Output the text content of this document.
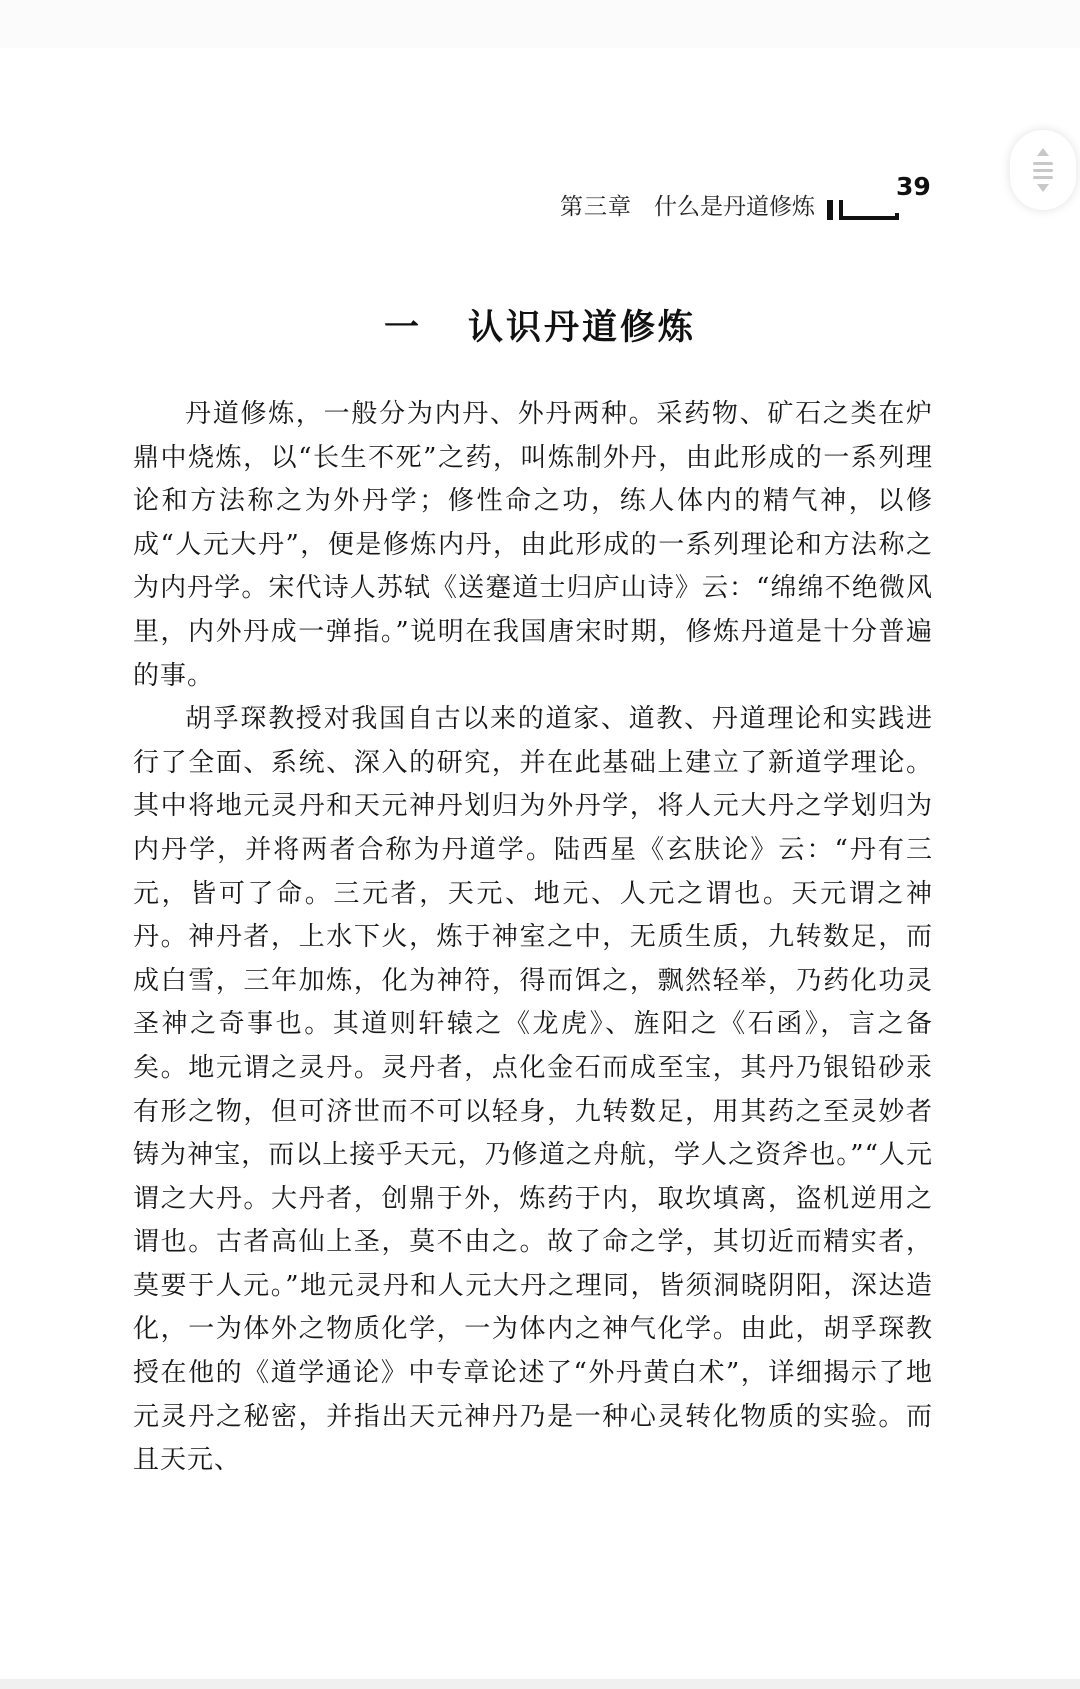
第三章 什么是丹道修炼
39
一 认识丹道修炼

丹道修炼，一般分为内丹、外丹两种。采药物、矿石之类在炉鼎中烧炼，以“长生不死”之药，叫炼制外丹，由此形成的一系列理论和方法称之为外丹学；修性命之功，练人体内的精气神，以修成“人元大丹”，便是修炼内丹，由此形成的一系列理论和方法称之为内丹学。宋代诗人苏轼《送蹇道士归庐山诗》云：“绵绵不绝微风里，内外丹成一弹指。”说明在我国唐宋时期，修炼丹道是十分普遍的事。

胡孚琛教授对我国自古以来的道家、道教、丹道理论和实践进行了全面、系统、深入的研究，并在此基础上建立了新道学理论。其中将地元灵丹和天元神丹划归为外丹学，将人元大丹之学划归为内丹学，并将两者合称为丹道学。陆西星《玄肤论》云：“丹有三元，皆可了命。三元者，天元、地元、人元之谓也。天元谓之神丹。神丹者，上水下火，炼于神室之中，无质生质，九转数足，而成白雪，三年加炼，化为神符，得而饵之，飘然轻举，乃药化功灵圣神之奇事也。其道则轩辕之《龙虎》、旌阳之《石函》，言之备矣。地元谓之灵丹。灵丹者，点化金石而成至宝，其丹乃银铅砂汞有形之物，但可济世而不可以轻身，九转数足，用其药之至灵妙者铸为神宝，而以上接乎天元，乃修道之舟航，学人之资斧也。”“人元谓之大丹。大丹者，创鼎于外，炼药于内，取坎填离，盗机逆用之谓也。古者高仙上圣，莫不由之。故了命之学，其切近而精实者，莫要于人元。”地元灵丹和人元大丹之理同，皆须洞晓阴阳，深达造化，一为体外之物质化学，一为体内之神气化学。由此，胡孚琛教授在他的《道学通论》中专章论述了“外丹黄白术”，详细揭示了地元灵丹之秘密，并指出天元神丹乃是一种心灵转化物质的实验。而且天元、
